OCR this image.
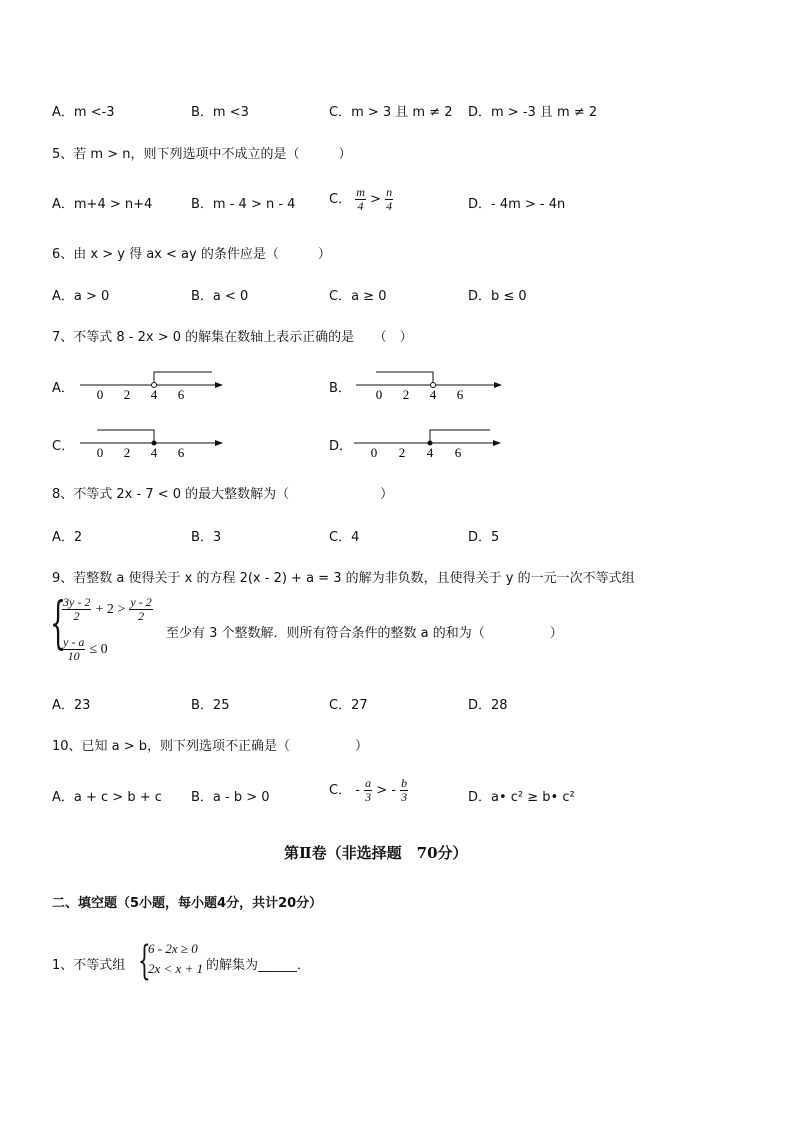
A．m <-3	B．m <3	C．m > 3 且 m ≠ 2 D．m > -3 且 m ≠ 2
5、若 m > n，则下列选项中不成立的是（　　　）
A．m+4 > n+4	B．m - 4 > n - 4	C． $\frac{m}{4} > \frac{n}{4}$	D．- 4m > - 4n
6、由 x > y 得 ax < ay 的条件应是（　　　）
A．a > 0	B．a < 0	C．a ≥ 0	D．b ≤ 0
7、不等式 8 - 2x > 0 的解集在数轴上表示正确的是　　（　）
A． 0 2 4 6	B． 0 2 4 6
C． 0 2 4 6	D． 0 2 4 6
8、不等式 2x - 7 < 0 的最大整数解为（　　　　　　　）
A．2	B．3	C．4	D．5
9、若整数 a 使得关于 x 的方程 2(x - 2) + a = 3 的解为非负数，且使得关于 y 的一元一次不等式组
{
$\frac{3y - 2}{2} + 2 > \frac{y - 2}{2}$
$\frac{y - a}{10} \le 0$
至少有 3 个整数解．则所有符合条件的整数 a 的和为（　　　　　）
A．23	B．25	C．27	D．28
10、已知 a > b，则下列选项不正确是（　　　　　）
A．a + c > b + c B．a - b > 0	C． - $\frac{a}{3}$ > - $\frac{b}{3}$	D．a• c² ≥ b• c²
第Ⅱ卷（非选择题　70分）
二、填空题（5小题，每小题4分，共计20分）
1、不等式组 {
6 - 2x ≥ 0
2x < x + 1 的解集为______．
